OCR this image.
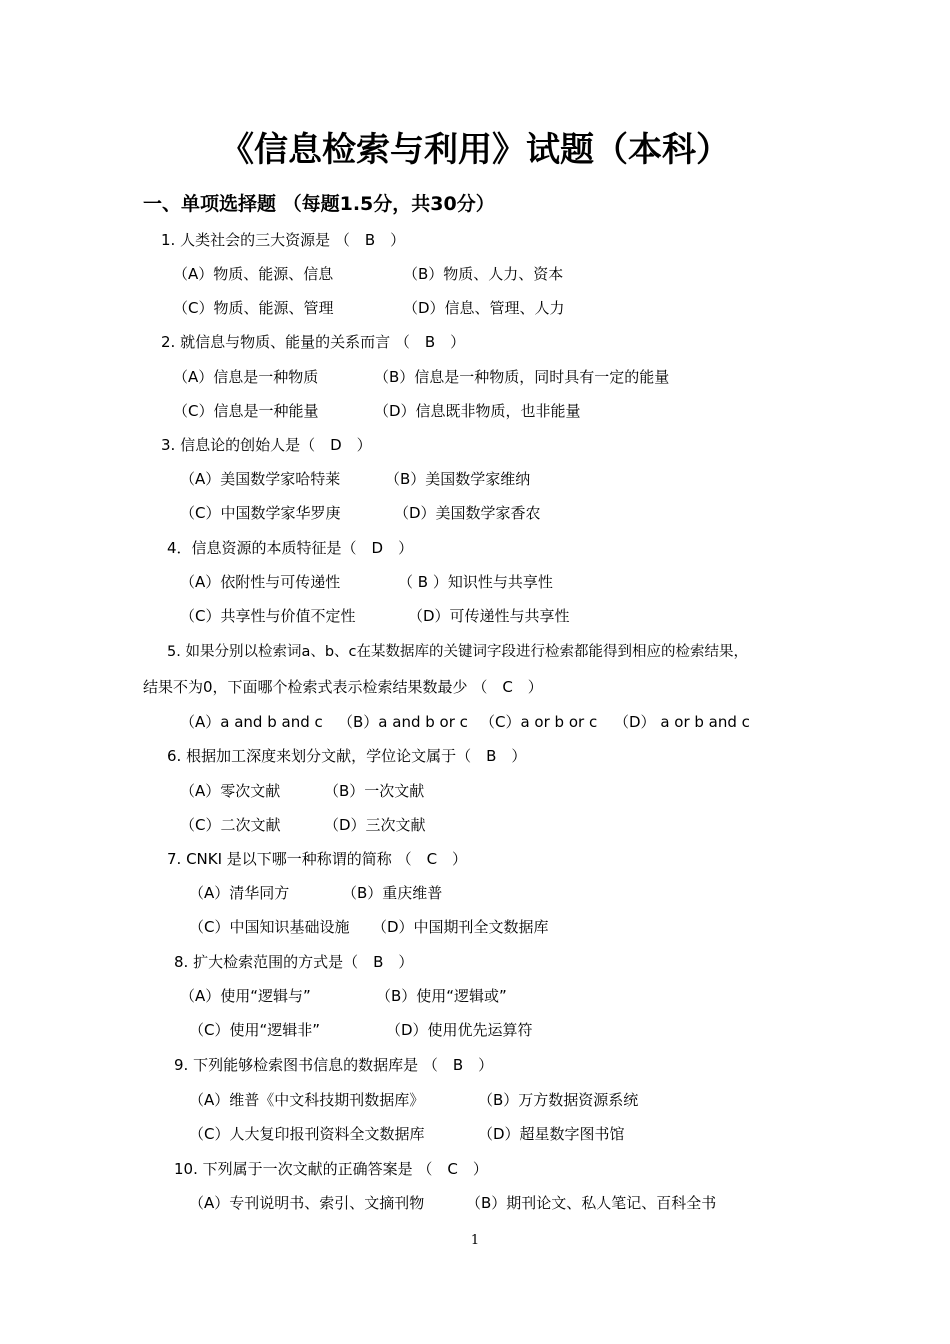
《信息检索与利用》试题（本科）
一、单项选择题 （每题1.5分，共30分）
1. 人类社会的三大资源是 （　B　）
（A）物质、能源、信息	（B）物质、人力、资本
（C）物质、能源、管理	（D）信息、管理、人力
2. 就信息与物质、能量的关系而言 （　B　）
（A）信息是一种物质	（B）信息是一种物质，同时具有一定的能量
（C）信息是一种能量	（D）信息既非物质，也非能量
3. 信息论的创始人是（　D　）
（A）美国数学家哈特莱	（B）美国数学家维纳
（C）中国数学家华罗庚	（D）美国数学家香农
4．信息资源的本质特征是（　D　）
（A）依附性与可传递性	（ B ）知识性与共享性
（C）共享性与价值不定性	（D）可传递性与共享性
5. 如果分别以检索词a、b、c在某数据库的关键词字段进行检索都能得到相应的检索结果，
结果不为0，下面哪个检索式表示检索结果数最少 （　C　）
（A）a and b and c （B）a and b or c （C）a or b or c （D） a or b and c
6. 根据加工深度来划分文献，学位论文属于（　B　）
（A）零次文献	（B）一次文献
（C）二次文献	（D）三次文献
7. CNKI 是以下哪一种称谓的简称 （　C　）
（A）清华同方	（B）重庆维普
（C）中国知识基础设施 （D）中国期刊全文数据库
8. 扩大检索范围的方式是（　B　）
（A）使用“逻辑与”	（B）使用“逻辑或”
（C）使用“逻辑非”	（D）使用优先运算符
9. 下列能够检索图书信息的数据库是 （　B　）
（A）维普《中文科技期刊数据库》	（B）万方数据资源系统
（C）人大复印报刊资料全文数据库	（D）超星数字图书馆
10. 下列属于一次文献的正确答案是 （　C　）
（A）专刊说明书、索引、文摘刊物	（B）期刊论文、私人笔记、百科全书
1
